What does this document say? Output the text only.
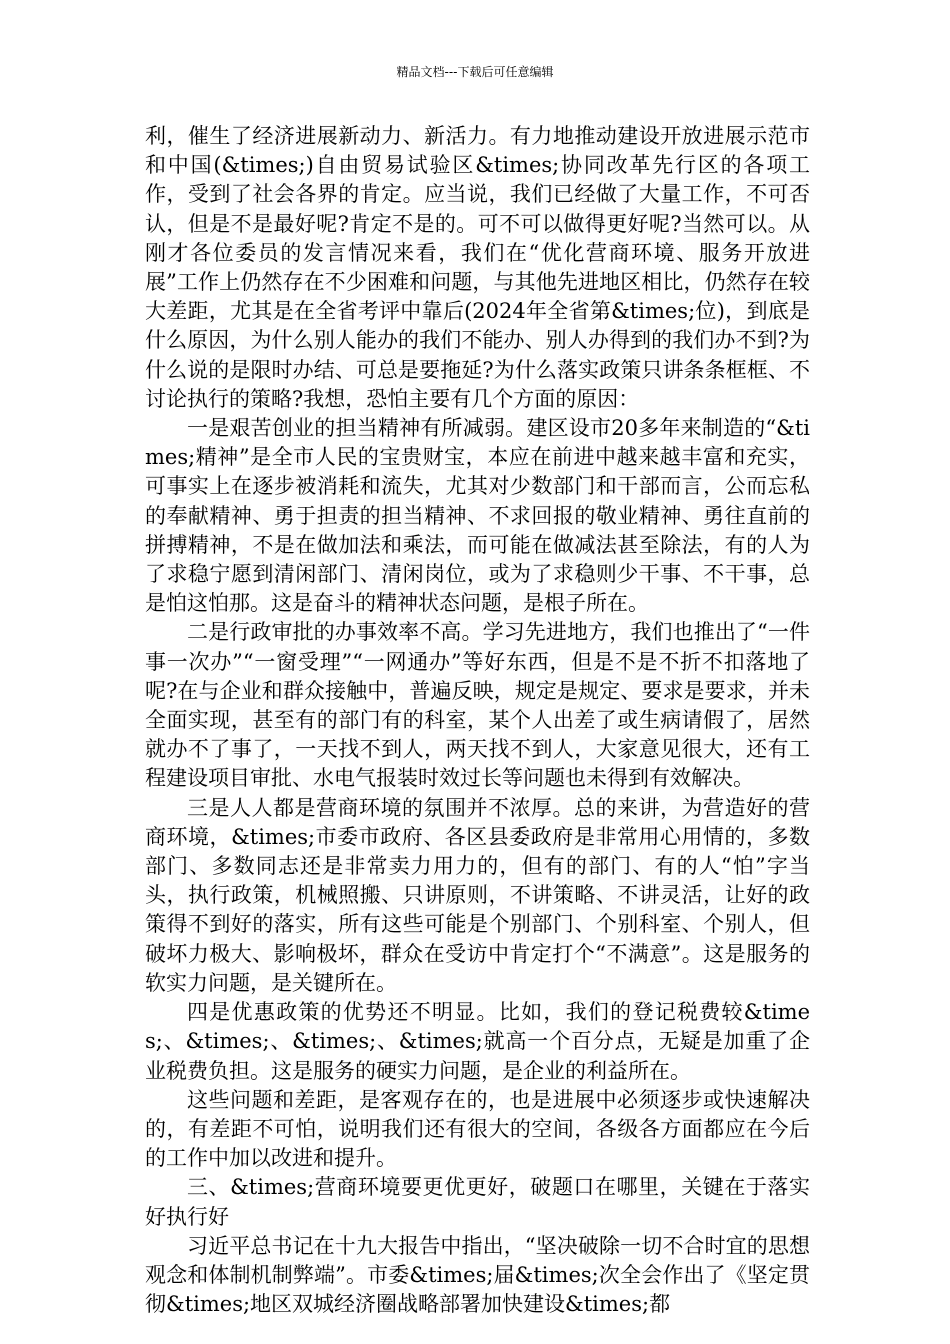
精品文档---下载后可任意编辑

利，催生了经济进展新动力、新活力。有力地推动建设开放进展示范市和中国(&times;)自由贸易试验区&times;协同改革先行区的各项工作，受到了社会各界的肯定。应当说，我们已经做了大量工作，不可否认，但是不是最好呢?肯定不是的。可不可以做得更好呢?当然可以。从刚才各位委员的发言情况来看，我们在“优化营商环境、服务开放进展”工作上仍然存在不少困难和问题，与其他先进地区相比，仍然存在较大差距，尤其是在全省考评中靠后(2024年全省第&times;位)，到底是什么原因，为什么别人能办的我们不能办、别人办得到的我们办不到?为什么说的是限时办结、可总是要拖延?为什么落实政策只讲条条框框、不讨论执行的策略?我想，恐怕主要有几个方面的原因：

一是艰苦创业的担当精神有所减弱。建区设市20多年来制造的“&times;精神”是全市人民的宝贵财宝，本应在前进中越来越丰富和充实，可事实上在逐步被消耗和流失，尤其对少数部门和干部而言，公而忘私的奉献精神、勇于担责的担当精神、不求回报的敬业精神、勇往直前的拼搏精神，不是在做加法和乘法，而可能在做减法甚至除法，有的人为了求稳宁愿到清闲部门、清闲岗位，或为了求稳则少干事、不干事，总是怕这怕那。这是奋斗的精神状态问题，是根子所在。

二是行政审批的办事效率不高。学习先进地方，我们也推出了“一件事一次办”“一窗受理”“一网通办”等好东西，但是不是不折不扣落地了呢?在与企业和群众接触中，普遍反映，规定是规定、要求是要求，并未全面实现，甚至有的部门有的科室，某个人出差了或生病请假了，居然就办不了事了，一天找不到人，两天找不到人，大家意见很大，还有工程建设项目审批、水电气报装时效过长等问题也未得到有效解决。

三是人人都是营商环境的氛围并不浓厚。总的来讲，为营造好的营商环境，&times;市委市政府、各区县委政府是非常用心用情的，多数部门、多数同志还是非常卖力用力的，但有的部门、有的人“怕”字当头，执行政策，机械照搬、只讲原则，不讲策略、不讲灵活，让好的政策得不到好的落实，所有这些可能是个别部门、个别科室、个别人，但破坏力极大、影响极坏，群众在受访中肯定打个“不满意”。这是服务的软实力问题，是关键所在。

四是优惠政策的优势还不明显。比如，我们的登记税费较&times;、&times;、&times;、&times;就高一个百分点，无疑是加重了企业税费负担。这是服务的硬实力问题，是企业的利益所在。

这些问题和差距，是客观存在的，也是进展中必须逐步或快速解决的，有差距不可怕，说明我们还有很大的空间，各级各方面都应在今后的工作中加以改进和提升。

三、&times;营商环境要更优更好，破题口在哪里，关键在于落实好执行好

习近平总书记在十九大报告中指出，“坚决破除一切不合时宜的思想观念和体制机制弊端”。市委&times;届&times;次全会作出了《坚定贯彻&times;地区双城经济圈战略部署加快建设&times;都
